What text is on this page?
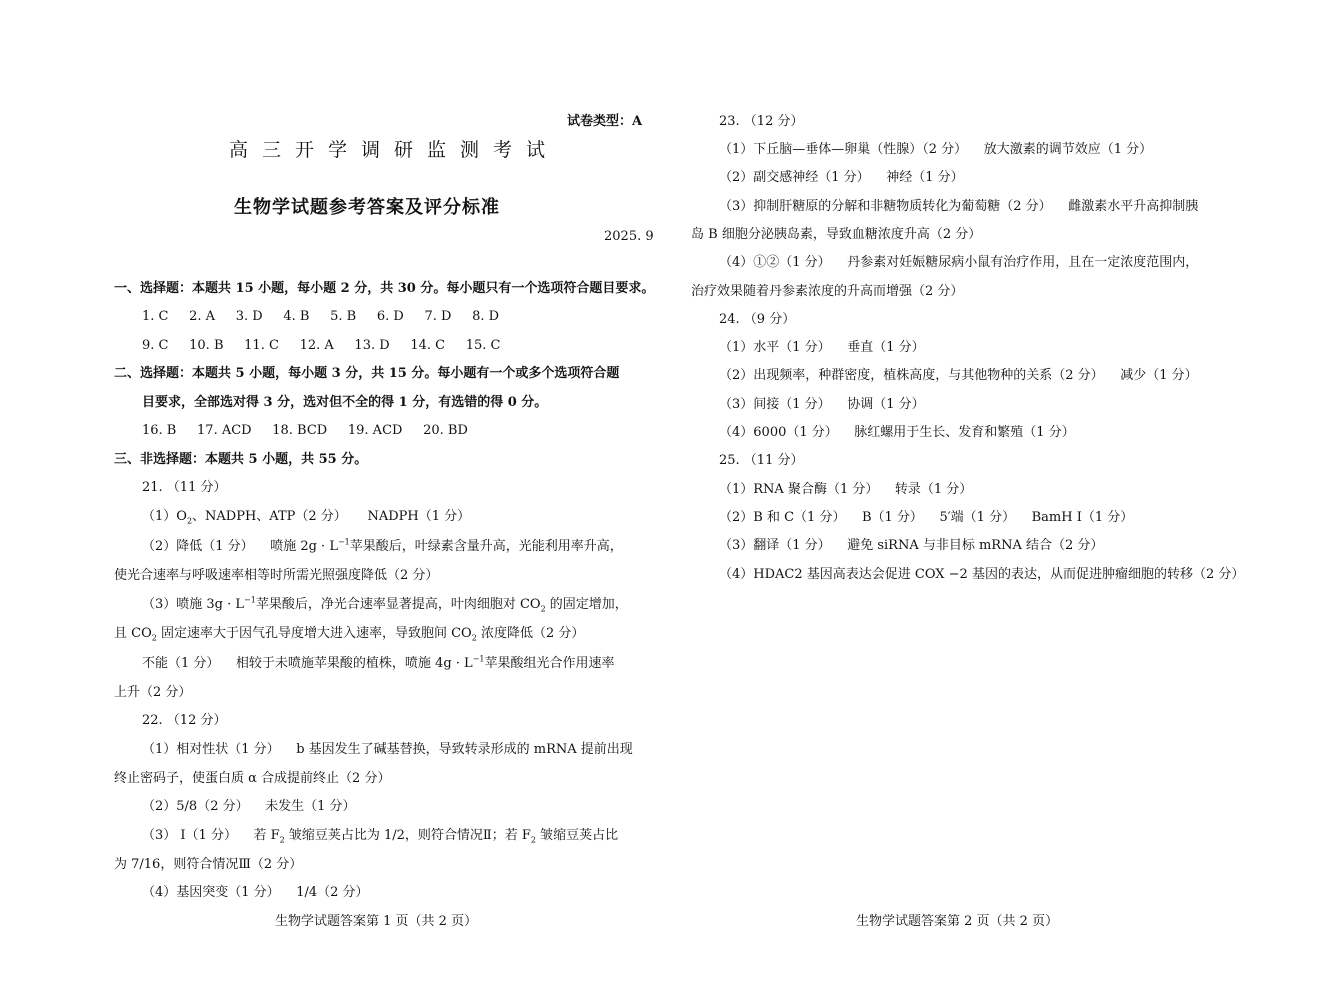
试卷类型：A
高三开学调研监测考试
生物学试题参考答案及评分标准
2025. 9
一、选择题：本题共 15 小题，每小题 2 分，共 30 分。每小题只有一个选项符合题目要求。
1. C     2. A     3. D     4. B     5. B     6. D     7. D     8. D
9. C     10. B     11. C     12. A     13. D     14. C     15. C
二、选择题：本题共 5 小题，每小题 3 分，共 15 分。每小题有一个或多个选项符合题
目要求，全部选对得 3 分，选对但不全的得 1 分，有选错的得 0 分。
16. B     17. ACD     18. BCD     19. ACD     20. BD
三、非选择题：本题共 5 小题，共 55 分。
21. （11 分）
$(1)O_2$、NADPH、ATP（2 分）     NADPH（1 分）
（2）降低（1 分）    喷施 $2g \cdot L^{-1}$苹果酸后，叶绿素含量升高，光能利用率升高，
使光合速率与呼吸速率相等时所需光照强度降低（2 分）
（3）喷施 $3g \cdot L^{-1}$苹果酸后，净光合速率显著提高，叶肉细胞对 $CO_2$ 的固定增加，
且 $CO_2$ 固定速率大于因气孔导度增大进入速率，导致胞间 $CO_2$ 浓度降低（2 分）
不能（1 分）    相较于未喷施苹果酸的植株，喷施 $4g \cdot L^{-1}$苹果酸组光合作用速率
上升（2 分）
22. （12 分）
（1）相对性状（1 分）    b 基因发生了碱基替换，导致转录形成的 mRNA 提前出现
终止密码子，使蛋白质 α 合成提前终止（2 分）
（2）5/8（2 分）    未发生（1 分）
（3） Ⅰ（1 分）    若 $F_2$ 皱缩豆荚占比为 1/2，则符合情况Ⅱ；若 $F_2$ 皱缩豆荚占比
为 7/16，则符合情况Ⅲ（2 分）
（4）基因突变（1 分）    1/4（2 分）
生物学试题答案第 1 页（共 2 页）
23. （12 分）
（1）下丘脑—垂体—卵巢（性腺）（2 分）    放大激素的调节效应（1 分）
（2）副交感神经（1 分）    神经（1 分）
（3）抑制肝糖原的分解和非糖物质转化为葡萄糖（2 分）    雌激素水平升高抑制胰
岛 B 细胞分泌胰岛素，导致血糖浓度升高（2 分）
（4）①②（1 分）    丹参素对妊娠糖尿病小鼠有治疗作用，且在一定浓度范围内，
治疗效果随着丹参素浓度的升高而增强（2 分）
24. （9 分）
（1）水平（1 分）    垂直（1 分）
（2）出现频率，种群密度，植株高度，与其他物种的关系（2 分）    减少（1 分）
（3）间接（1 分）    协调（1 分）
（4）6000（1 分）    脉红螺用于生长、发育和繁殖（1 分）
25. （11 分）
（1）RNA 聚合酶（1 分）    转录（1 分）
（2）B 和 C（1 分）    B（1 分）    5′端（1 分）    BamH Ⅰ（1 分）
（3）翻译（1 分）    避免 siRNA 与非目标 mRNA 结合（2 分）
（4）HDAC2 基因高表达会促进 COX −2 基因的表达，从而促进肿瘤细胞的转移（2 分）
生物学试题答案第 2 页（共 2 页）
